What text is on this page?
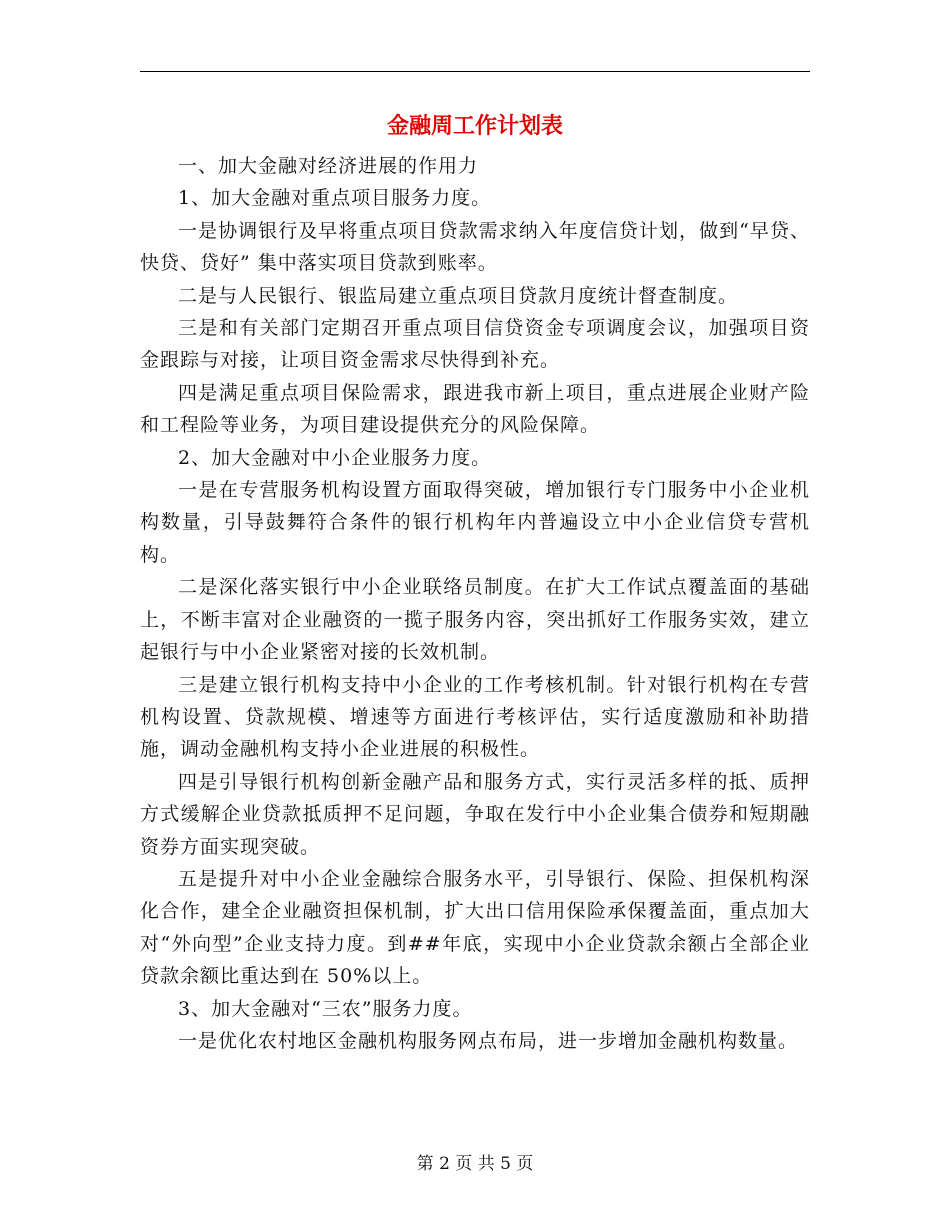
金融周工作计划表

一、加大金融对经济进展的作用力

1、加大金融对重点项目服务力度。

一是协调银行及早将重点项目贷款需求纳入年度信贷计划，做到“早贷、快贷、贷好” 集中落实项目贷款到账率。

二是与人民银行、银监局建立重点项目贷款月度统计督查制度。

三是和有关部门定期召开重点项目信贷资金专项调度会议，加强项目资金跟踪与对接，让项目资金需求尽快得到补充。

四是满足重点项目保险需求，跟进我市新上项目，重点进展企业财产险和工程险等业务，为项目建设提供充分的风险保障。

2、加大金融对中小企业服务力度。

一是在专营服务机构设置方面取得突破，增加银行专门服务中小企业机构数量，引导鼓舞符合条件的银行机构年内普遍设立中小企业信贷专营机构。

二是深化落实银行中小企业联络员制度。在扩大工作试点覆盖面的基础上，不断丰富对企业融资的一揽子服务内容，突出抓好工作服务实效，建立起银行与中小企业紧密对接的长效机制。

三是建立银行机构支持中小企业的工作考核机制。针对银行机构在专营机构设置、贷款规模、增速等方面进行考核评估，实行适度激励和补助措施，调动金融机构支持小企业进展的积极性。

四是引导银行机构创新金融产品和服务方式，实行灵活多样的抵、质押方式缓解企业贷款抵质押不足问题，争取在发行中小企业集合债券和短期融资券方面实现突破。

五是提升对中小企业金融综合服务水平，引导银行、保险、担保机构深化合作，建全企业融资担保机制，扩大出口信用保险承保覆盖面，重点加大对“外向型”企业支持力度。到##年底，实现中小企业贷款余额占全部企业贷款余额比重达到在 50%以上。

3、加大金融对“三农”服务力度。

一是优化农村地区金融机构服务网点布局，进一步增加金融机构数量。

第 2 页 共 5 页
